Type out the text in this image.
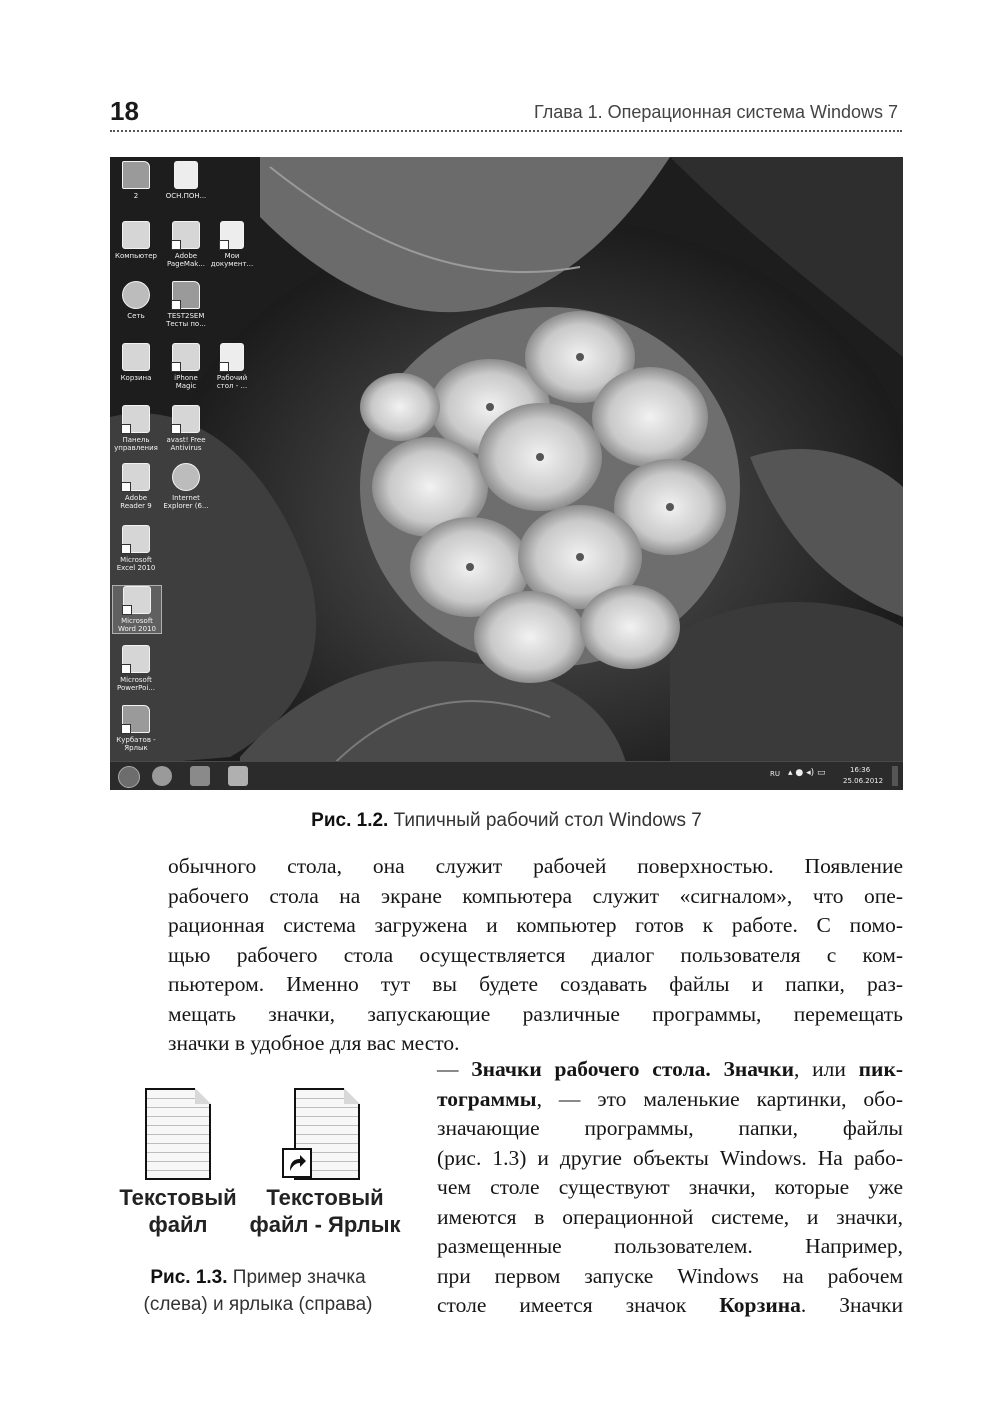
18	Глава 1. Операционная система Windows 7
2	ОСН.ПОН...
Компьютер	Adobe
PageMak...
Мои
документ...
Сеть	TEST2SEM
Тесты по...
Корзина	iPhone
Magic
Рабочий
стол - ...
Панель
управления
avast! Free
Antivirus
Adobe
Reader 9
Internet
Explorer (6...
Microsoft
Excel 2010
Microsoft
Word 2010
Microsoft
PowerPoi...
Курбатов -
Ярлык
RU ▴ ● ◂) ▭	16:36
25.06.2012
Рис. 1.2. Типичный рабочий стол Windows 7
обычного стола, она служит рабочей поверхностью. Появление
рабочего стола на экране компьютера служит «сигналом», что опе-
рационная система загружена и компьютер готов к работе. С помо-
щью рабочего стола осуществляется диалог пользователя с ком-
пьютером. Именно тут вы будете создавать файлы и папки, раз-
мещать значки, запускающие различные программы, перемещать
значки в удобное для вас место.
— Значки рабочего стола. Значки, или пик-
тограммы, — это маленькие картинки, обо-
значающие программы, папки, файлы
(рис. 1.3) и другие объекты Windows. На рабо-
чем столе существуют значки, которые уже
имеются в операционной системе, и значки,
размещенные пользователем. Например,
при первом запуске Windows на рабочем
столе имеется значок Корзина. Значки
Текстовый
файл
Текстовый
файл - Ярлык
Рис. 1.3. Пример значка
(слева) и ярлыка (справа)
